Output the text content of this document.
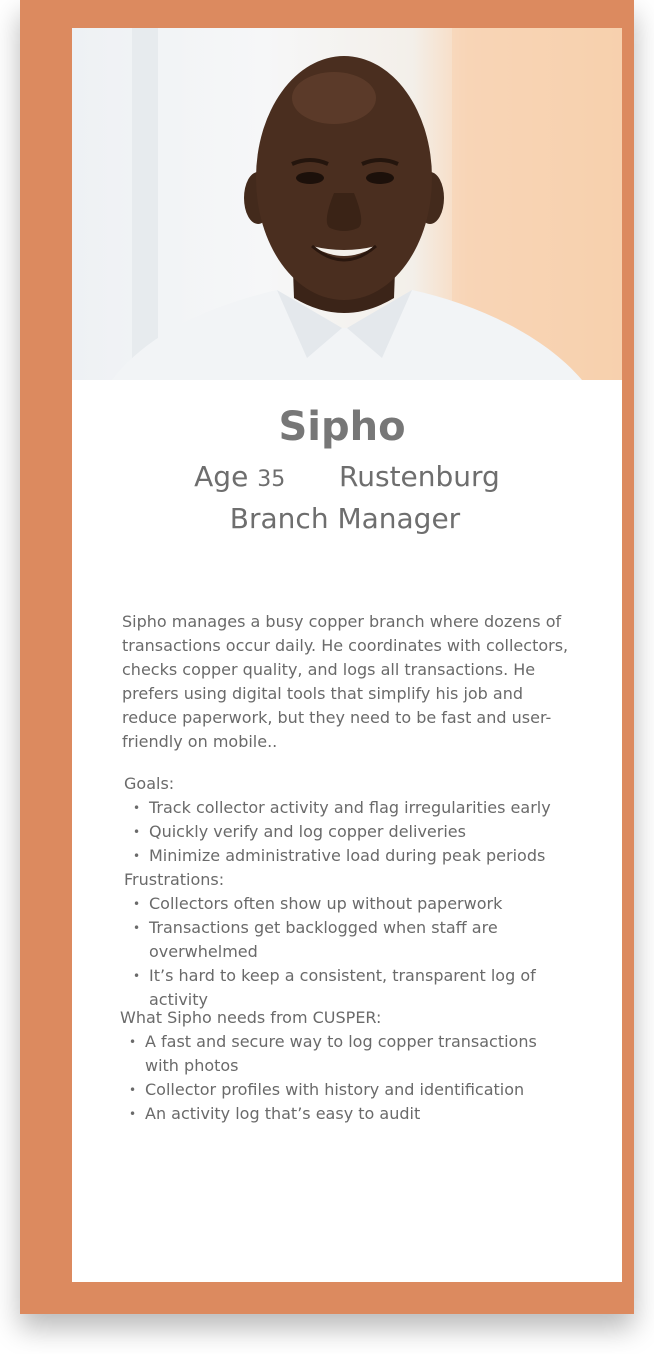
Sipho
Age 35 Rustenburg
Branch Manager
Sipho manages a busy copper branch where dozens of transactions occur daily. He coordinates with collectors, checks copper quality, and logs all transactions. He prefers using digital tools that simplify his job and reduce paperwork, but they need to be fast and user-friendly on mobile..
Goals:
• Track collector activity and flag irregularities early
• Quickly verify and log copper deliveries
• Minimize administrative load during peak periods
Frustrations:
• Collectors often show up without paperwork
• Transactions get backlogged when staff are overwhelmed
• It’s hard to keep a consistent, transparent log of activity
What Sipho needs from CUSPER:
• A fast and secure way to log copper transactions with photos
• Collector profiles with history and identification
• An activity log that’s easy to audit
